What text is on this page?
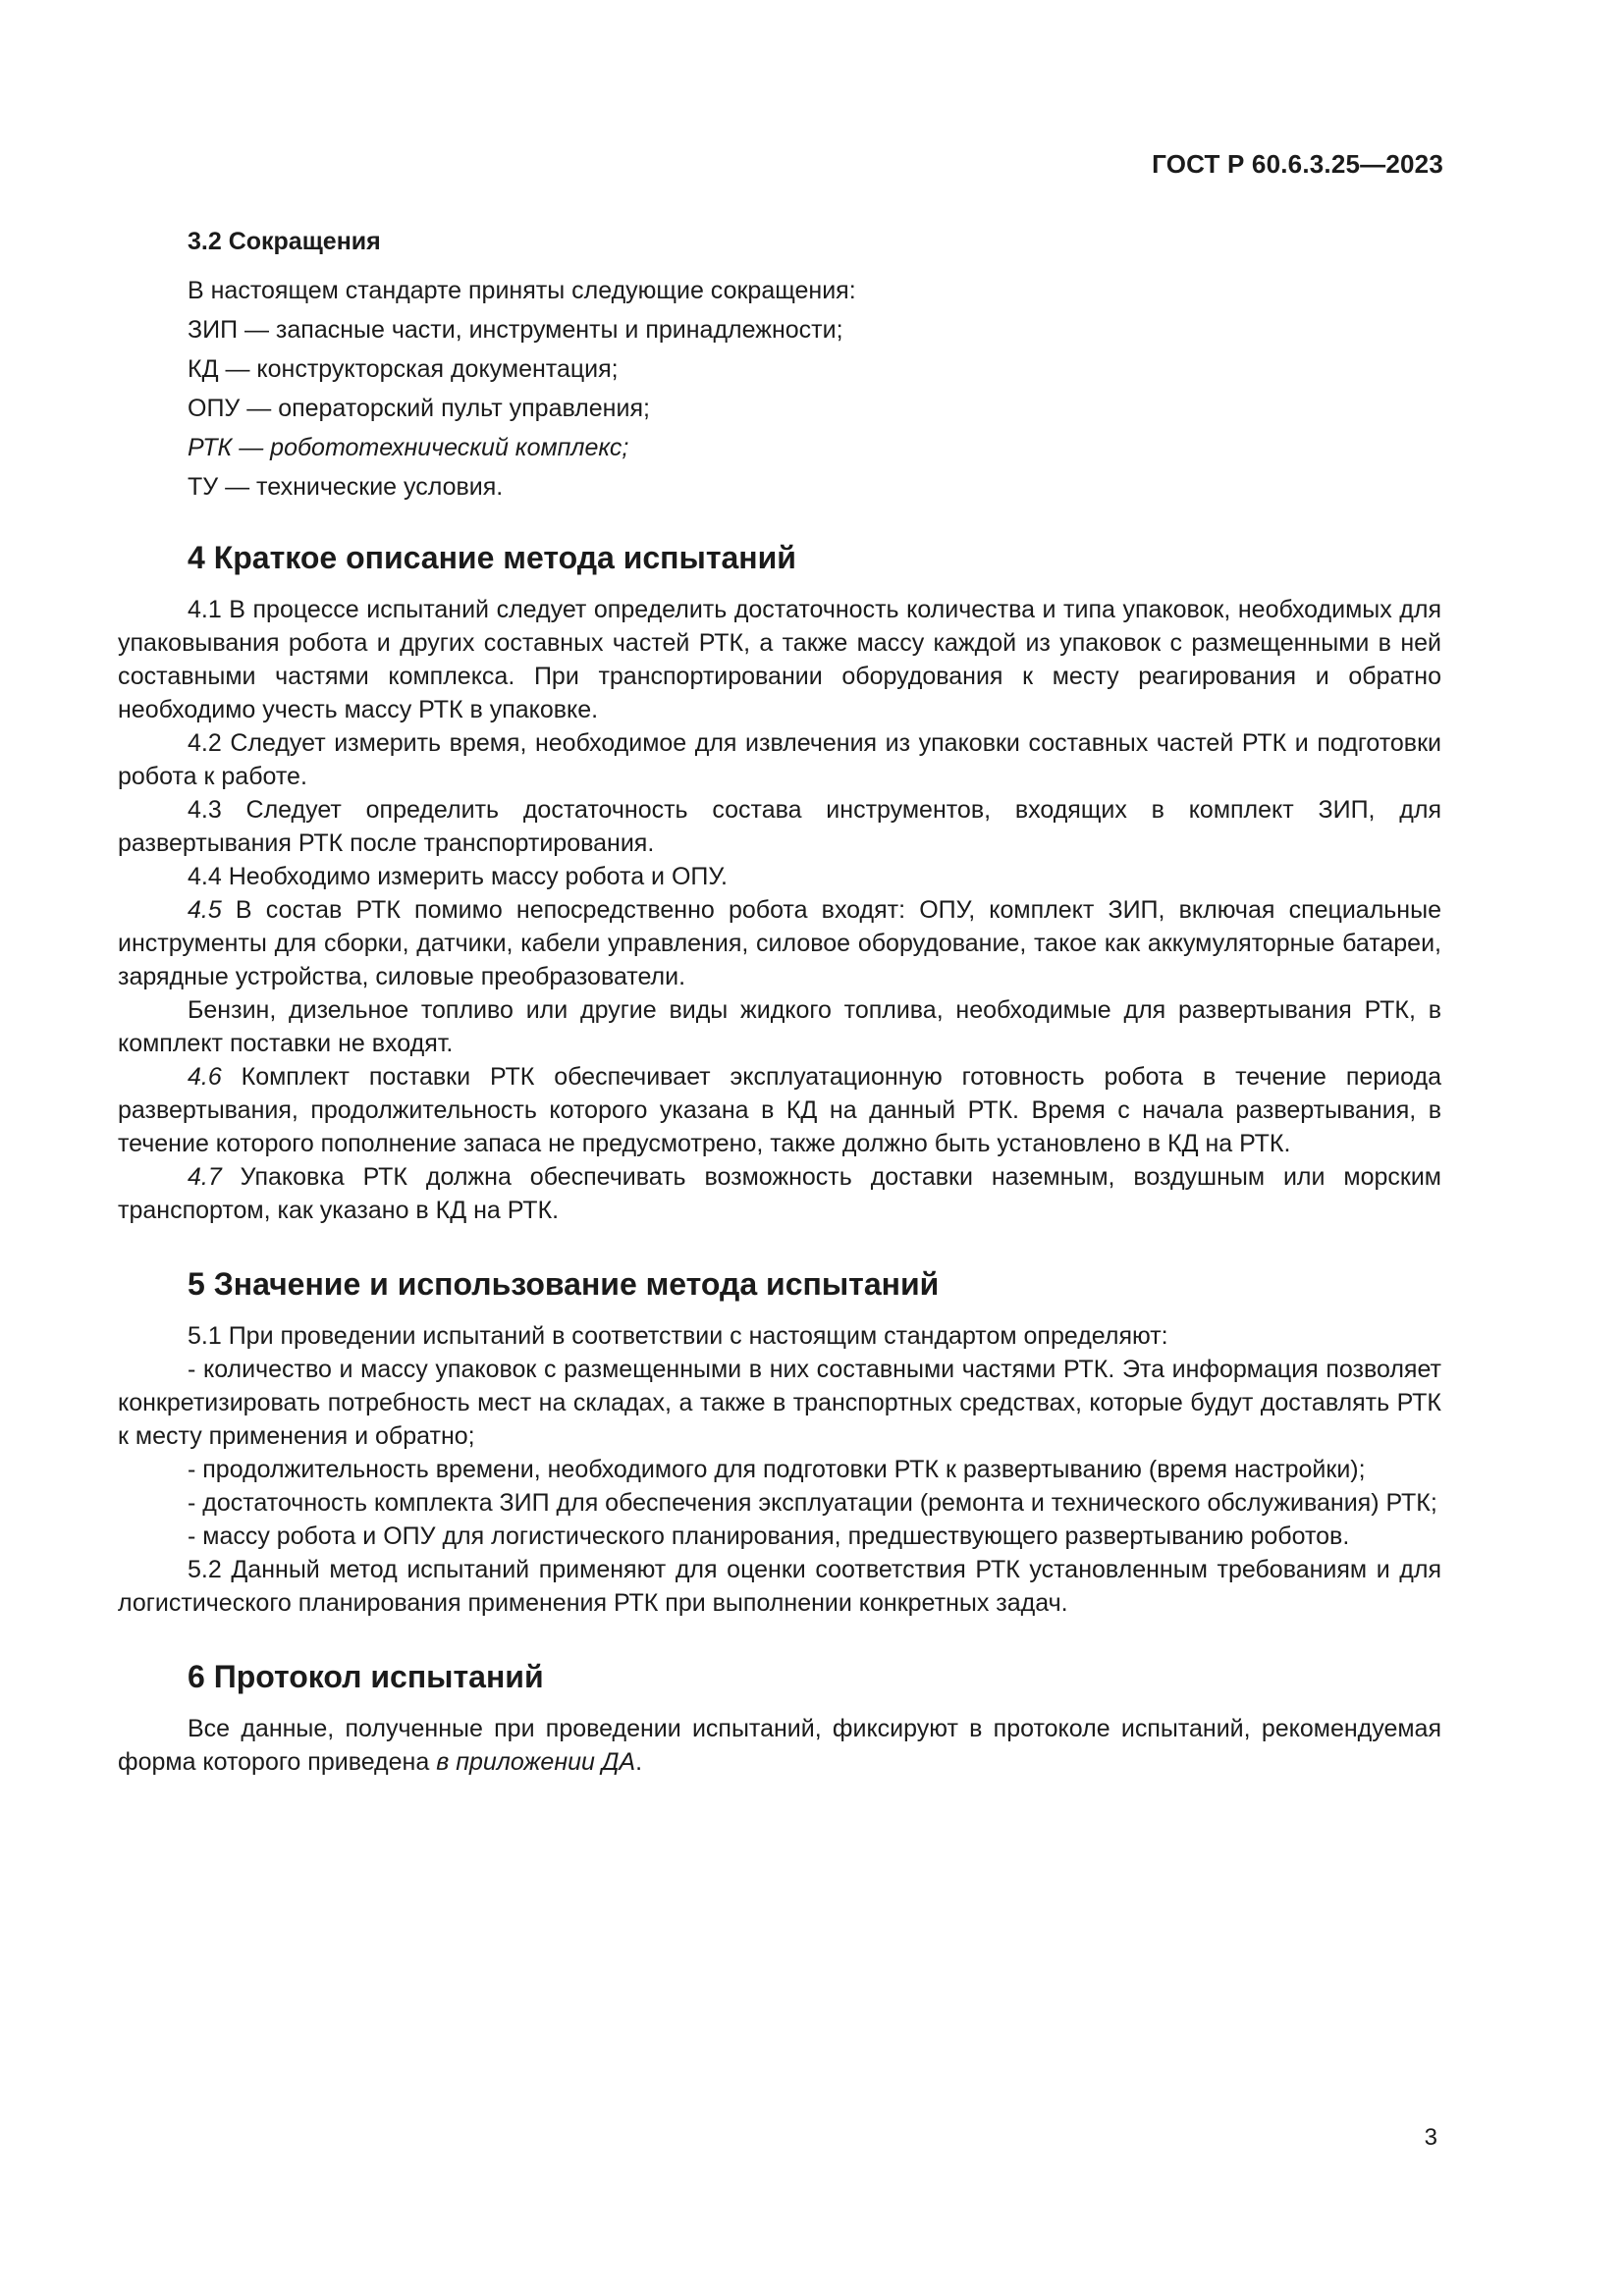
ГОСТ Р 60.6.3.25—2023
3.2 Сокращения
В настоящем стандарте приняты следующие сокращения:
ЗИП — запасные части, инструменты и принадлежности;
КД — конструкторская документация;
ОПУ — операторский пульт управления;
РТК — робототехнический комплекс;
ТУ — технические условия.
4 Краткое описание метода испытаний

4.1 В процессе испытаний следует определить достаточность количества и типа упаковок, необходимых для упаковывания робота и других составных частей РТК, а также массу каждой из упаковок с размещенными в ней составными частями комплекса. При транспортировании оборудования к месту реагирования и обратно необходимо учесть массу РТК в упаковке.

4.2 Следует измерить время, необходимое для извлечения из упаковки составных частей РТК и подготовки робота к работе.

4.3 Следует определить достаточность состава инструментов, входящих в комплект ЗИП, для развертывания РТК после транспортирования.

4.4 Необходимо измерить массу робота и ОПУ.

4.5 В состав РТК помимо непосредственно робота входят: ОПУ, комплект ЗИП, включая специальные инструменты для сборки, датчики, кабели управления, силовое оборудование, такое как аккумуляторные батареи, зарядные устройства, силовые преобразователи.

Бензин, дизельное топливо или другие виды жидкого топлива, необходимые для развертывания РТК, в комплект поставки не входят.

4.6 Комплект поставки РТК обеспечивает эксплуатационную готовность робота в течение периода развертывания, продолжительность которого указана в КД на данный РТК. Время с начала развертывания, в течение которого пополнение запаса не предусмотрено, также должно быть установлено в КД на РТК.

4.7 Упаковка РТК должна обеспечивать возможность доставки наземным, воздушным или морским транспортом, как указано в КД на РТК.

5 Значение и использование метода испытаний

5.1 При проведении испытаний в соответствии с настоящим стандартом определяют:

- количество и массу упаковок с размещенными в них составными частями РТК. Эта информация позволяет конкретизировать потребность мест на складах, а также в транспортных средствах, которые будут доставлять РТК к месту применения и обратно;

- продолжительность времени, необходимого для подготовки РТК к развертыванию (время настройки);

- достаточность комплекта ЗИП для обеспечения эксплуатации (ремонта и технического обслуживания) РТК;

- массу робота и ОПУ для логистического планирования, предшествующего развертыванию роботов.

5.2 Данный метод испытаний применяют для оценки соответствия РТК установленным требованиям и для логистического планирования применения РТК при выполнении конкретных задач.

6 Протокол испытаний

Все данные, полученные при проведении испытаний, фиксируют в протоколе испытаний, рекомендуемая форма которого приведена в приложении ДА.

3
